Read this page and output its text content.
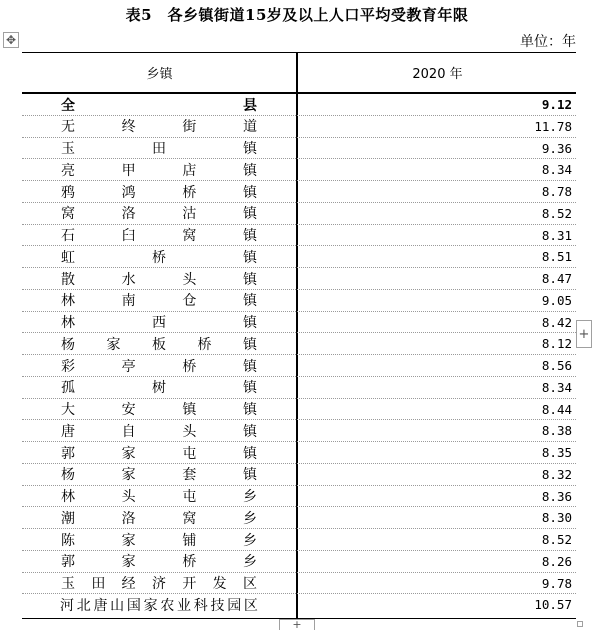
表5　各乡镇街道15岁及以上人口平均受教育年限
✥	单位：年
乡镇	2020 年
全	县	9.12
无	终	街	道	11.78
玉	田	镇	9.36
亮	甲	店	镇	8.34
鸦	鸿	桥	镇	8.78
窝	洛	沽	镇	8.52
石	臼	窝	镇	8.31
虹	桥	镇	8.51
散	水	头	镇	8.47
林	南	仓	镇	9.05
林	西	镇	8.42
杨 家 板 桥 镇	8.12
彩	亭	桥	镇	8.56
孤	树	镇	8.34
大	安	镇	镇	8.44
唐	自	头	镇	8.38
郭	家	屯	镇	8.35
杨	家	套	镇	8.32
林	头	屯	乡	8.36
潮	洛	窝	乡	8.30
陈	家	铺	乡	8.52
郭	家	桥	乡	8.26
玉 田 经 济 开 发 区	9.78
河 北 唐 山 国 家 农 业 科 技 园 区	10.57
+
+
